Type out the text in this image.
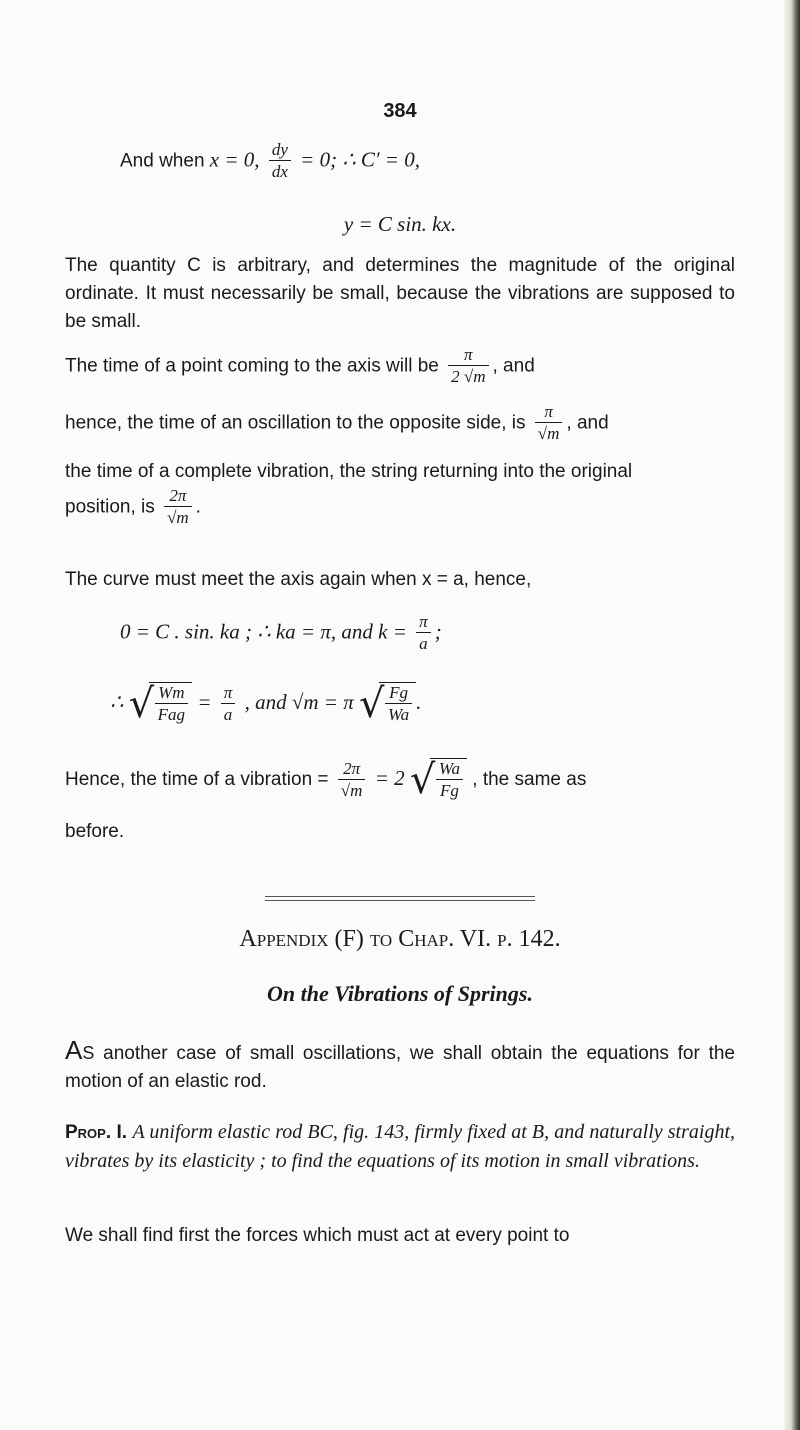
384
And when x = 0, $\frac{dy}{dx} = 0$; ∴ C′ = 0,
y = C sin. kx.
The quantity C is arbitrary, and determines the magnitude of the original ordinate. It must necessarily be small, because the vibrations are supposed to be small.
The time of a point coming to the axis will be $\frac{\pi}{2 √m}$ , and
hence, the time of an oscillation to the opposite side, is $\frac{\pi}{√m}$ , and
the time of a complete vibration, the string returning into the original
position, is $\frac{2\pi}{√m}$ .
The curve must meet the axis again when x = a, hence,
0 = C . sin. ka ; ∴ ka = π, and $k = \frac{\pi}{a}$ ;
∴ √ $\frac{Wm}{\text{Fag}} = \frac{\pi}{a}$ , and √m = π √ $\frac{Fg}{Wa}$ .
Hence, the time of a vibration = $\frac{2\pi}{√m} = 2$ √ $\frac{Wa}{Fg}$ , the same as
before.
Appendix (F) to Chap. VI. p. 142.
On the Vibrations of Springs.
As another case of small oscillations, we shall obtain the equations for the motion of an elastic rod.
Prop. I. A uniform elastic rod BC, fig. 143, firmly fixed at B, and naturally straight, vibrates by its elasticity ; to find the equations of its motion in small vibrations.
We shall find first the forces which must act at every point to
